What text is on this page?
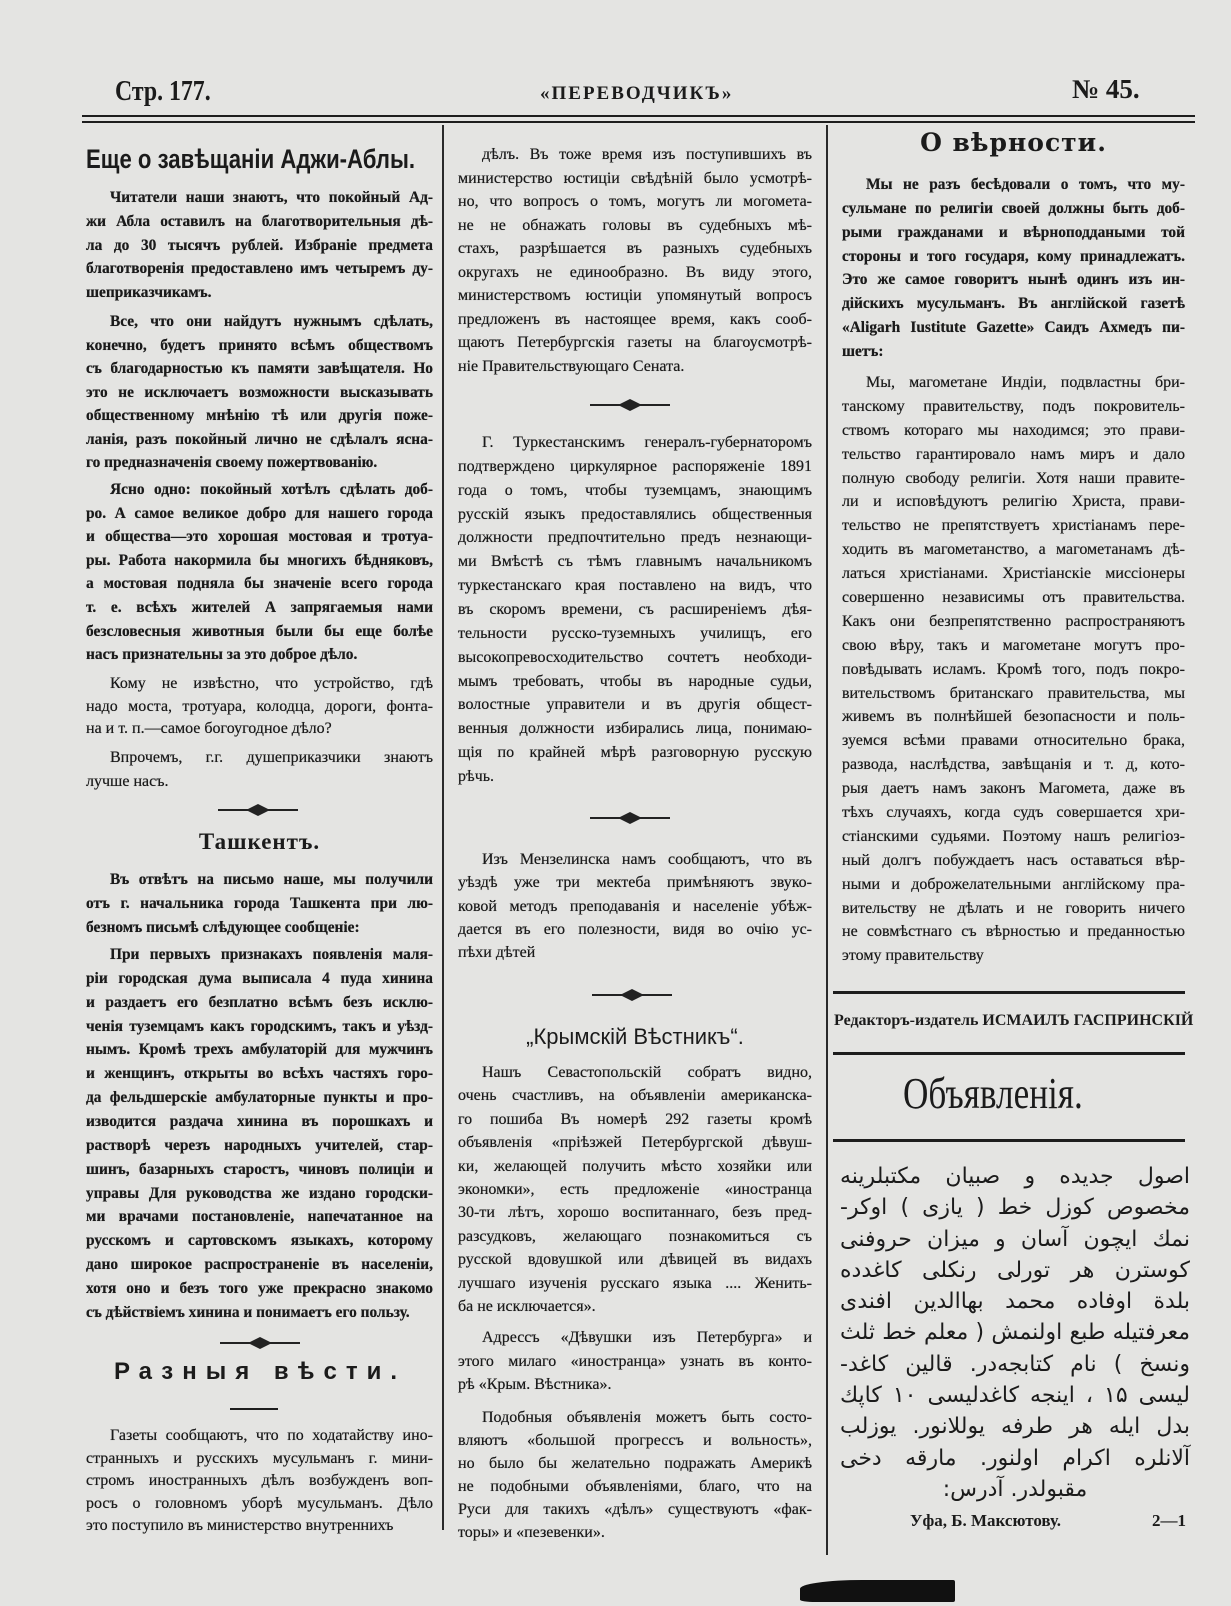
Стр. 177.	«ПЕРЕВОДЧИКЪ»	№ 45.
Еще о завѣщаніи Аджи-Аблы.
Читатели наши знаютъ, что покойный Ад-
жи Абла оставилъ на благотворительныя дѣ-
ла до 30 тысячъ рублей. Избраніе предмета
благотворенія предоставлено имъ четыремъ ду-
шеприказчикамъ.
Все, что они найдутъ нужнымъ сдѣлать,
конечно, будетъ принято всѣмъ обществомъ
съ благодарностью къ памяти завѣщателя. Но
это не исключаетъ возможности высказывать
общественному мнѣнію тѣ или другія поже-
ланія, разъ покойный лично не сдѣлалъ ясна-
го предназначенія своему пожертвованію.
Ясно одно: покойный хотѣлъ сдѣлать доб-
ро. А самое великое добро для нашего города
и общества—это хорошая мостовая и тротуа-
ры. Работа накормила бы многихъ бѣдняковъ,
а мостовая подняла бы значеніе всего города
т. е. всѣхъ жителей А запрягаемыя нами
безсловесныя животныя были бы еще болѣе
насъ признательны за это доброе дѣло.
Кому не извѣстно, что устройство, гдѣ
надо моста, тротуара, колодца, дороги, фонта-
на и т. п.—самое богоугодное дѣло?
Впрочемъ, г.г. душеприказчики знаютъ
лучше насъ.
Ташкентъ.
Въ отвѣтъ на письмо наше, мы получили
отъ г. начальника города Ташкента при лю-
безномъ письмѣ слѣдующее сообщеніе:
При первыхъ признакахъ появленія маля-
ріи городская дума выписала 4 пуда хинина
и раздаетъ его безплатно всѣмъ безъ исклю-
ченія туземцамъ какъ городскимъ, такъ и уѣзд-
нымъ. Кромѣ трехъ амбулаторій для мужчинъ
и женщинъ, открыты во всѣхъ частяхъ горо-
да фельдшерскіе амбулаторные пункты и про-
изводится раздача хинина въ порошкахъ и
растворѣ черезъ народныхъ учителей, стар-
шинъ, базарныхъ старостъ, чиновъ полиціи и
управы Для руководства же издано городски-
ми врачами постановленіе, напечатанное на
русскомъ и сартовскомъ языкахъ, которому
дано широкое распространеніе въ населеніи,
хотя оно и безъ того уже прекрасно знакомо
съ дѣйствіемъ хинина и понимаетъ его пользу.
Разныя вѣсти.
Газеты сообщаютъ, что по ходатайству ино-
странныхъ и русскихъ мусульманъ г. мини-
стромъ иностранныхъ дѣлъ возбужденъ воп-
росъ о головномъ уборѣ мусульманъ. Дѣло
это поступило въ министерство внутреннихъ
дѣлъ. Въ тоже время изъ поступившихъ въ
министерство юстиціи свѣдѣній было усмотрѣ-
но, что вопросъ о томъ, могутъ ли могомета-
не не обнажать головы въ судебныхъ мѣ-
стахъ, разрѣшается въ разныхъ судебныхъ
округахъ не единообразно. Въ виду этого,
министерствомъ юстиціи упомянутый вопросъ
предложенъ въ настоящее время, какъ сооб-
щаютъ Петербургскія газеты на благоусмотрѣ-
ніе Правительствующаго Сената.
Г. Туркестанскимъ генералъ-губернаторомъ
подтверждено циркулярное распоряженіе 1891
года о томъ, чтобы туземцамъ, знающимъ
русскій языкъ предоставлялись общественныя
должности предпочтительно предъ незнающи-
ми Вмѣстѣ съ тѣмъ главнымъ начальникомъ
туркестанскаго края поставлено на видъ, что
въ скоромъ времени, съ расширеніемъ дѣя-
тельности русско-туземныхъ училищъ, его
высокопревосходительство сочтетъ необходи-
мымъ требовать, чтобы въ народные судьи,
волостные управители и въ другія общест-
венныя должности избирались лица, понимаю-
щія по крайней мѣрѣ разговорную русскую
рѣчь.
Изъ Мензелинска намъ сообщаютъ, что въ
уѣздѣ уже три мектеба примѣняютъ звуко-
ковой методъ преподаванія и населеніе убѣж-
дается въ его полезности, видя во очію ус-
пѣхи дѣтей
„Крымскій Вѣстникъ“.
Нашъ Севастопольскій собратъ видно,
очень счастливъ, на объявленіи американска-
го пошиба Въ номерѣ 292 газеты кромѣ
объявленія «пріѣзжей Петербургской дѣвуш-
ки, желающей получить мѣсто хозяйки или
экономки», есть предложеніе «иностранца
30-ти лѣтъ, хорошо воспитаннаго, безъ пред-
разсудковъ, желающаго познакомиться съ
русской вдовушкой или дѣвицей въ видахъ
лучшаго изученія русскаго языка .... Женить-
ба не исключается».
Адрессъ «Дѣвушки изъ Петербурга» и
этого милаго «иностранца» узнать въ конто-
рѣ «Крым. Вѣстника».
Подобныя объявленія можетъ быть состо-
вляютъ «большой прогрессъ и вольность»,
но было бы желательно подражать Америкѣ
не подобными объявленіями, благо, что на
Руси для такихъ «дѣлъ» существуютъ «фак-
торы» и «пезевенки».
О вѣрности.
Мы не разъ бесѣдовали о томъ, что му-
сульмане по религіи своей должны быть доб-
рыми гражданами и вѣрноподдаными той
стороны и того государя, кому принадлежатъ.
Это же самое говоритъ нынѣ одинъ изъ ин-
дійскихъ мусульманъ. Въ англійской газетѣ
«Aligarh Iustitute Gazette» Саидъ Ахмедъ пи-
шетъ:
Мы, магометане Индіи, подвластны бри-
танскому правительству, подъ покровитель-
ствомъ котораго мы находимся; это прави-
тельство гарантировало намъ миръ и дало
полную свободу религіи. Хотя наши правите-
ли и исповѣдуютъ религію Христа, прави-
тельство не препятствуетъ христіанамъ пере-
ходить въ магометанство, а магометанамъ дѣ-
латься христіанами. Христіанскіе миссіонеры
совершенно независимы отъ правительства.
Какъ они безпрепятственно распространяютъ
свою вѣру, такъ и магометане могутъ про-
повѣдывать исламъ. Кромѣ того, подъ покро-
вительствомъ британскаго правительства, мы
живемъ въ полнѣйшей безопасности и поль-
зуемся всѣми правами относительно брака,
развода, наслѣдства, завѣщанія и т. д, кото-
рыя даетъ намъ законъ Магомета, даже въ
тѣхъ случаяхъ, когда судъ совершается хри-
стіанскими судьями. Поэтому нашъ религіоз-
ный долгъ побуждаетъ насъ оставаться вѣр-
ными и доброжелательными англійскому пра-
вительству не дѣлать и не говорить ничего
не совмѣстнаго съ вѣрностью и преданностью
этому правительству
Редакторъ-издатель ИСМАИЛЪ ГАСПРИНСКІЙ
Объявленія.
اصول جدیده و صبیان مکتبلرینه
مخصوص کوزل خط ( یازی ) اوکر-
نمك ایچون آسان و میزان حروفنی
کوسترن هر تورلی رنکلی کاغدده
بلدة اوفاده محمد بهاالدین افندی
معرفتیله طبع اولنمش ( معلم خط ثلث
ونسخ ) نام کتابجه‌در. قالین کاغد-
لیسی ۱۵ ، اینجه کاغدلیسی ۱۰ کاپك
بدل ایله هر طرفه یوللانور. یوزلب
آلانلره اکرام اولنور. مارقه دخی
مقبولدر. آدرس:
Уфа, Б. Максютову.	2—1
